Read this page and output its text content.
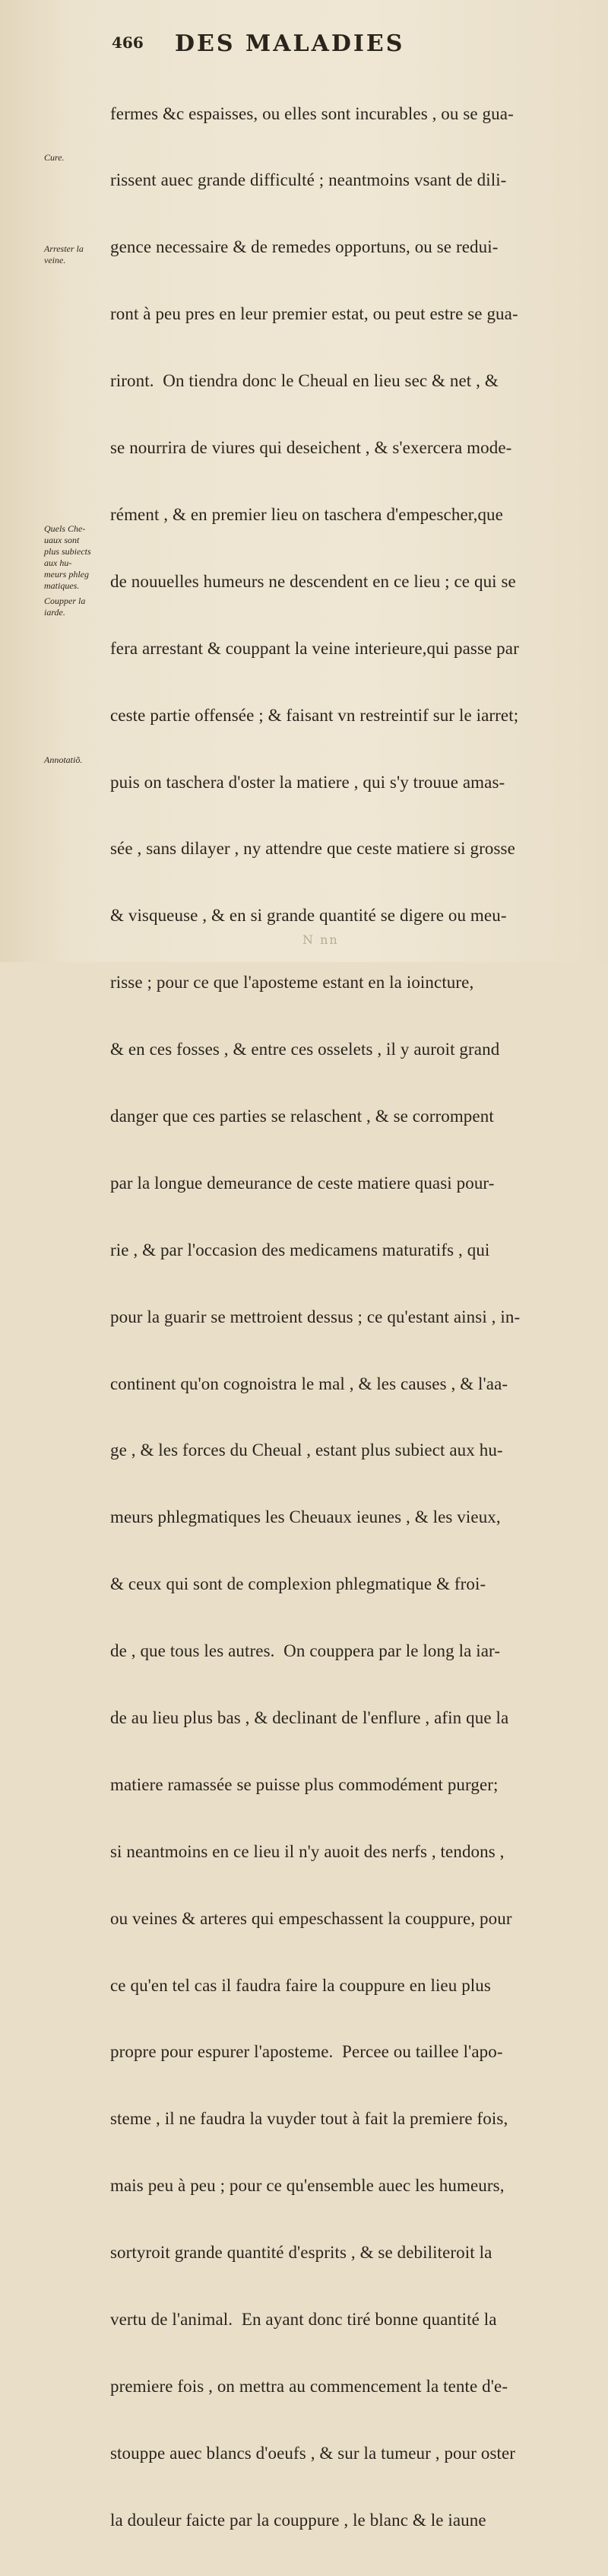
466 DES MALADIES

fermes &c espaisses, ou elles sont incurables , ou se gua-

rissent auec grande difficulté ; neantmoins vsant de dili-

gence necessaire & de remedes opportuns, ou se redui-

ront à peu pres en leur premier estat, ou peut estre se gua-

riront.  On tiendra donc le Cheual en lieu sec & net , &

se nourrira de viures qui deseichent , & s'exercera mode-

rément , & en premier lieu on taschera d'empescher,que

de nouuelles humeurs ne descendent en ce lieu ; ce qui se

fera arrestant & couppant la veine interieure,qui passe par

ceste partie offensée ; & faisant vn restreintif sur le iarret;

puis on taschera d'oster la matiere , qui s'y trouue amas-

sée , sans dilayer , ny attendre que ceste matiere si grosse

& visqueuse , & en si grande quantité se digere ou meu-

risse ; pour ce que l'aposteme estant en la ioincture,

& en ces fosses , & entre ces osselets , il y auroit grand

danger que ces parties se relaschent , & se corrompent

par la longue demeurance de ceste matiere quasi pour-

rie , & par l'occasion des medicamens maturatifs , qui

pour la guarir se mettroient dessus ; ce qu'estant ainsi , in-

continent qu'on cognoistra le mal , & les causes , & l'aa-

ge , & les forces du Cheual , estant plus subiect aux hu-

meurs phlegmatiques les Cheuaux ieunes , & les vieux,

& ceux qui sont de complexion phlegmatique & froi-

de , que tous les autres.  On couppera par le long la iar-

de au lieu plus bas , & declinant de l'enflure , afin que la

matiere ramassée se puisse plus commodément purger;

si neantmoins en ce lieu il n'y auoit des nerfs , tendons ,

ou veines & arteres qui empeschassent la couppure, pour

ce qu'en tel cas il faudra faire la couppure en lieu plus

propre pour espurer l'aposteme.  Percee ou taillee l'apo-

steme , il ne faudra la vuyder tout à fait la premiere fois,

mais peu à peu ; pour ce qu'ensemble auec les humeurs,

sortyroit grande quantité d'esprits , & se debiliteroit la

vertu de l'animal.  En ayant donc tiré bonne quantité la

premiere fois , on mettra au commencement la tente d'e-

stouppe auec blancs d'oeufs , & sur la tumeur , pour oster

la douleur faicte par la couppure , le blanc & le iaune

Cure.
Arrester la
veine.
Quels Che-
uaux sont
plus subiects
aux hu-
meurs phleg
matiques.
Coupper la
iarde.
Annotatiõ.
N nn
